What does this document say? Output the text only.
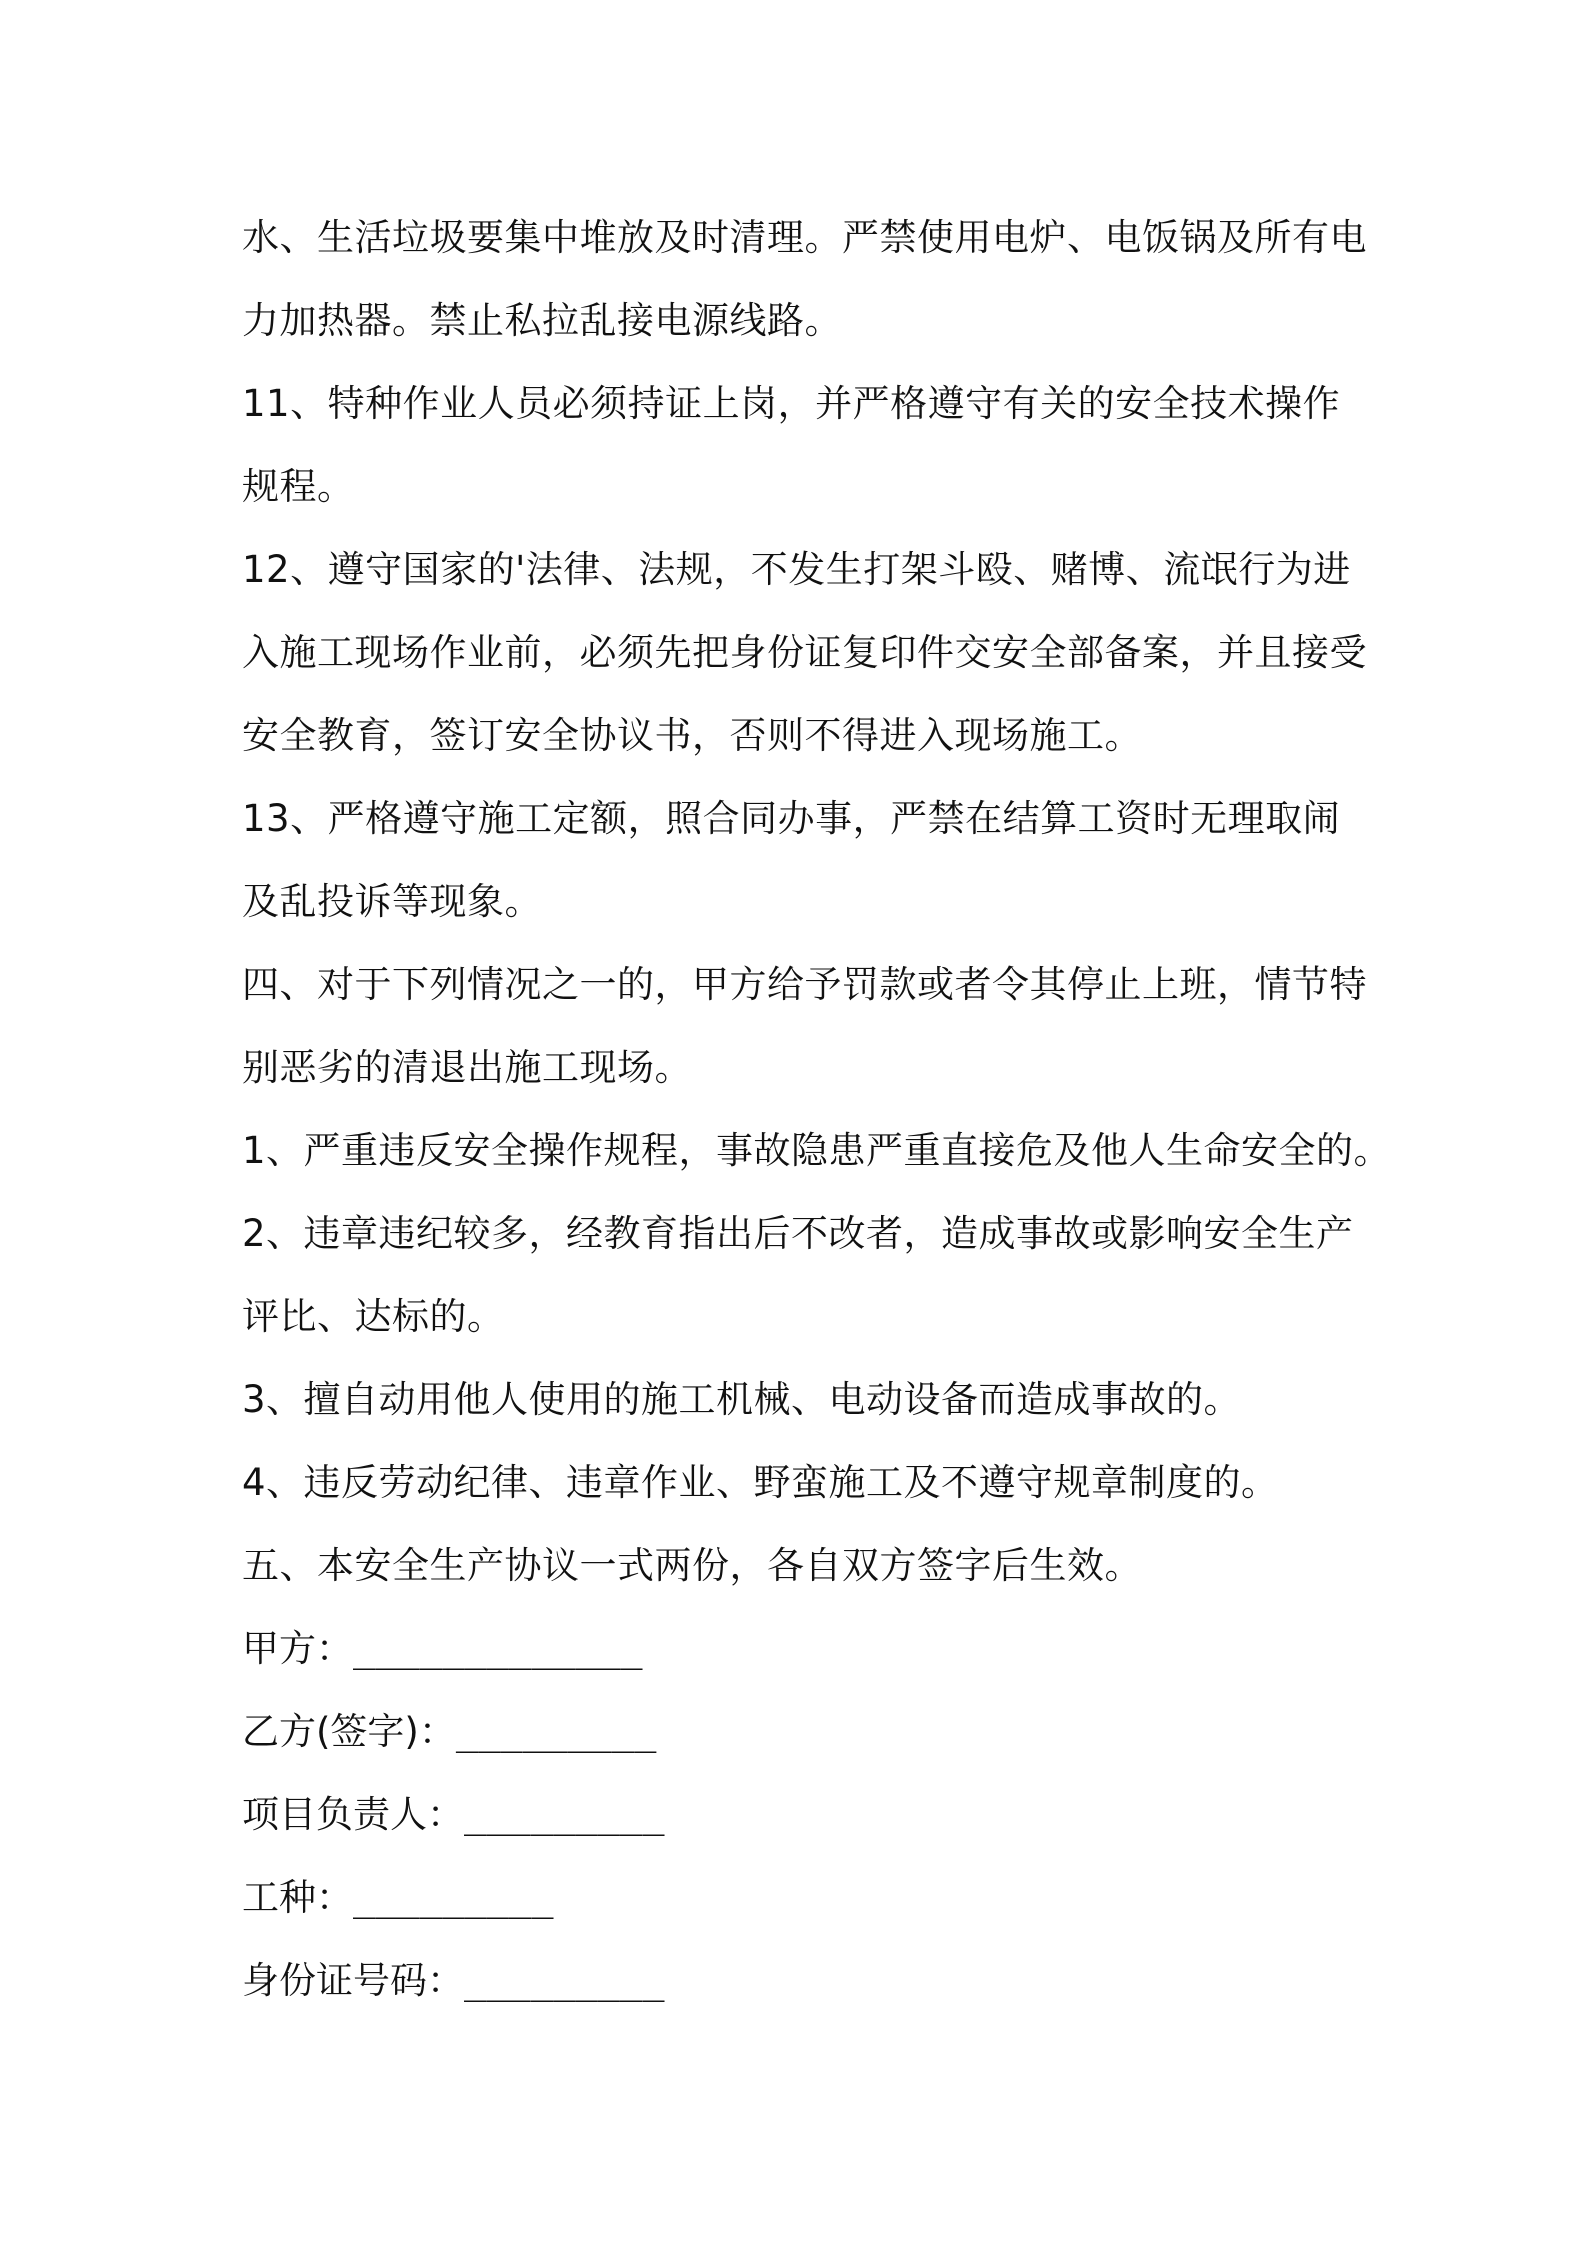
水、生活垃圾要集中堆放及时清理。严禁使用电炉、电饭锅及所有电
力加热器。禁止私拉乱接电源线路。
11、特种作业人员必须持证上岗，并严格遵守有关的安全技术操作
规程。
12、遵守国家的'法律、法规，不发生打架斗殴、赌博、流氓行为进
入施工现场作业前，必须先把身份证复印件交安全部备案，并且接受
安全教育，签订安全协议书，否则不得进入现场施工。
13、严格遵守施工定额，照合同办事，严禁在结算工资时无理取闹
及乱投诉等现象。
四、对于下列情况之一的，甲方给予罚款或者令其停止上班，情节特
别恶劣的清退出施工现场。
1、严重违反安全操作规程，事故隐患严重直接危及他人生命安全的。
2、违章违纪较多，经教育指出后不改者，造成事故或影响安全生产
评比、达标的。
3、擅自动用他人使用的施工机械、电动设备而造成事故的。
4、违反劳动纪律、违章作业、野蛮施工及不遵守规章制度的。
五、本安全生产协议一式两份，各自双方签字后生效。
甲方：_____________
乙方(签字)：_________
项目负责人：_________
工种：_________
身份证号码：_________
